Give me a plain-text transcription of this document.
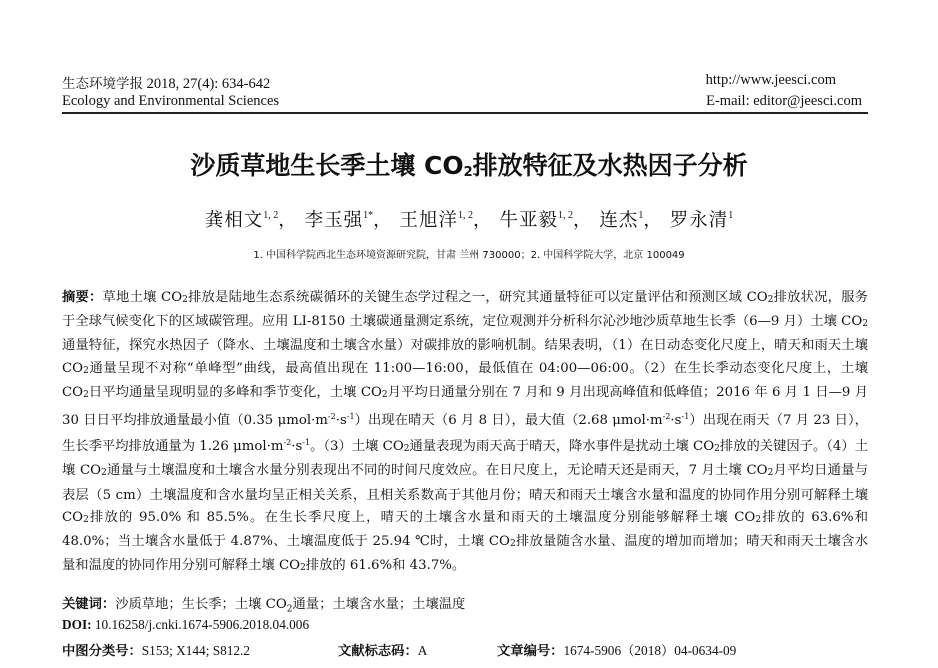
生态环境学报 2018, 27(4): 634-642
Ecology and Environmental Sciences
http://www.jeesci.com
E-mail: editor@jeesci.com
沙质草地生长季土壤 $CO_2$排放特征及水热因子分析
龚相文$^{1, 2}$， 李玉强$^{1*}$， 王旭洋$^{1, 2}$， 牛亚毅$^{1, 2}$， 连杰$^1$， 罗永清$^1$
1. 中国科学院西北生态环境资源研究院，甘肃 兰州 730000；2. 中国科学院大学，北京 100049
摘要：草地土壤 $CO_2$排放是陆地生态系统碳循环的关键生态学过程之一，研究其通量特征可以定量评估和预测区域 $CO_2$排放状况，服务于全球气候变化下的区域碳管理。应用 LI-8150 土壤碳通量测定系统，定位观测并分析科尔沁沙地沙质草地生长季（6—9 月）土壤 $CO_2$通量特征，探究水热因子（降水、土壤温度和土壤含水量）对碳排放的影响机制。结果表明，（1）在日动态变化尺度上，晴天和雨天土壤 $CO_2$通量呈现不对称“单峰型”曲线，最高值出现在 11:00—16:00，最低值在 04:00—06:00。（2）在生长季动态变化尺度上，土壤 $CO_2$日平均通量呈现明显的多峰和季节变化，土壤 $CO_2$月平均日通量分别在 7 月和 9 月出现高峰值和低峰值；2016 年 6 月 1 日—9 月 30 日日平均排放通量最小值（0.35 $\mu mol\cdot m^{-2}\cdot s^{-1}$）出现在晴天（6 月 8 日），最大值（2.68 $\mu mol\cdot m^{-2}\cdot s^{-1}$）出现在雨天（7 月 23 日），生长季平均排放通量为 1.26 $\mu mol\cdot m^{-2}\cdot s^{-1}$。（3）土壤 $CO_2$通量表现为雨天高于晴天，降水事件是扰动土壤 $CO_2$排放的关键因子。（4）土壤 $CO_2$通量与土壤温度和土壤含水量分别表现出不同的时间尺度效应。在日尺度上，无论晴天还是雨天，7 月土壤 $CO_2$月平均日通量与表层（5 cm）土壤温度和含水量均呈正相关关系，且相关系数高于其他月份；晴天和雨天土壤含水量和温度的协同作用分别可解释土壤 $CO_2$排放的 95.0% 和 85.5%。在生长季尺度上，晴天的土壤含水量和雨天的土壤温度分别能够解释土壤 $CO_2$排放的 63.6%和 48.0%；当土壤含水量低于 4.87%、土壤温度低于 25.94 ℃时，土壤 $CO_2$排放量随含水量、温度的增加而增加；晴天和雨天土壤含水量和温度的协同作用分别可解释土壤 $CO_2$排放的 61.6%和 43.7%。
关键词：沙质草地；生长季；土壤 $CO_2$通量；土壤含水量；土壤温度
DOI: 10.16258/j.cnki.1674-5906.2018.04.006
中图分类号：S153; X144; S812.2	文献标志码：A	文章编号：1674-5906（2018）04-0634-09
